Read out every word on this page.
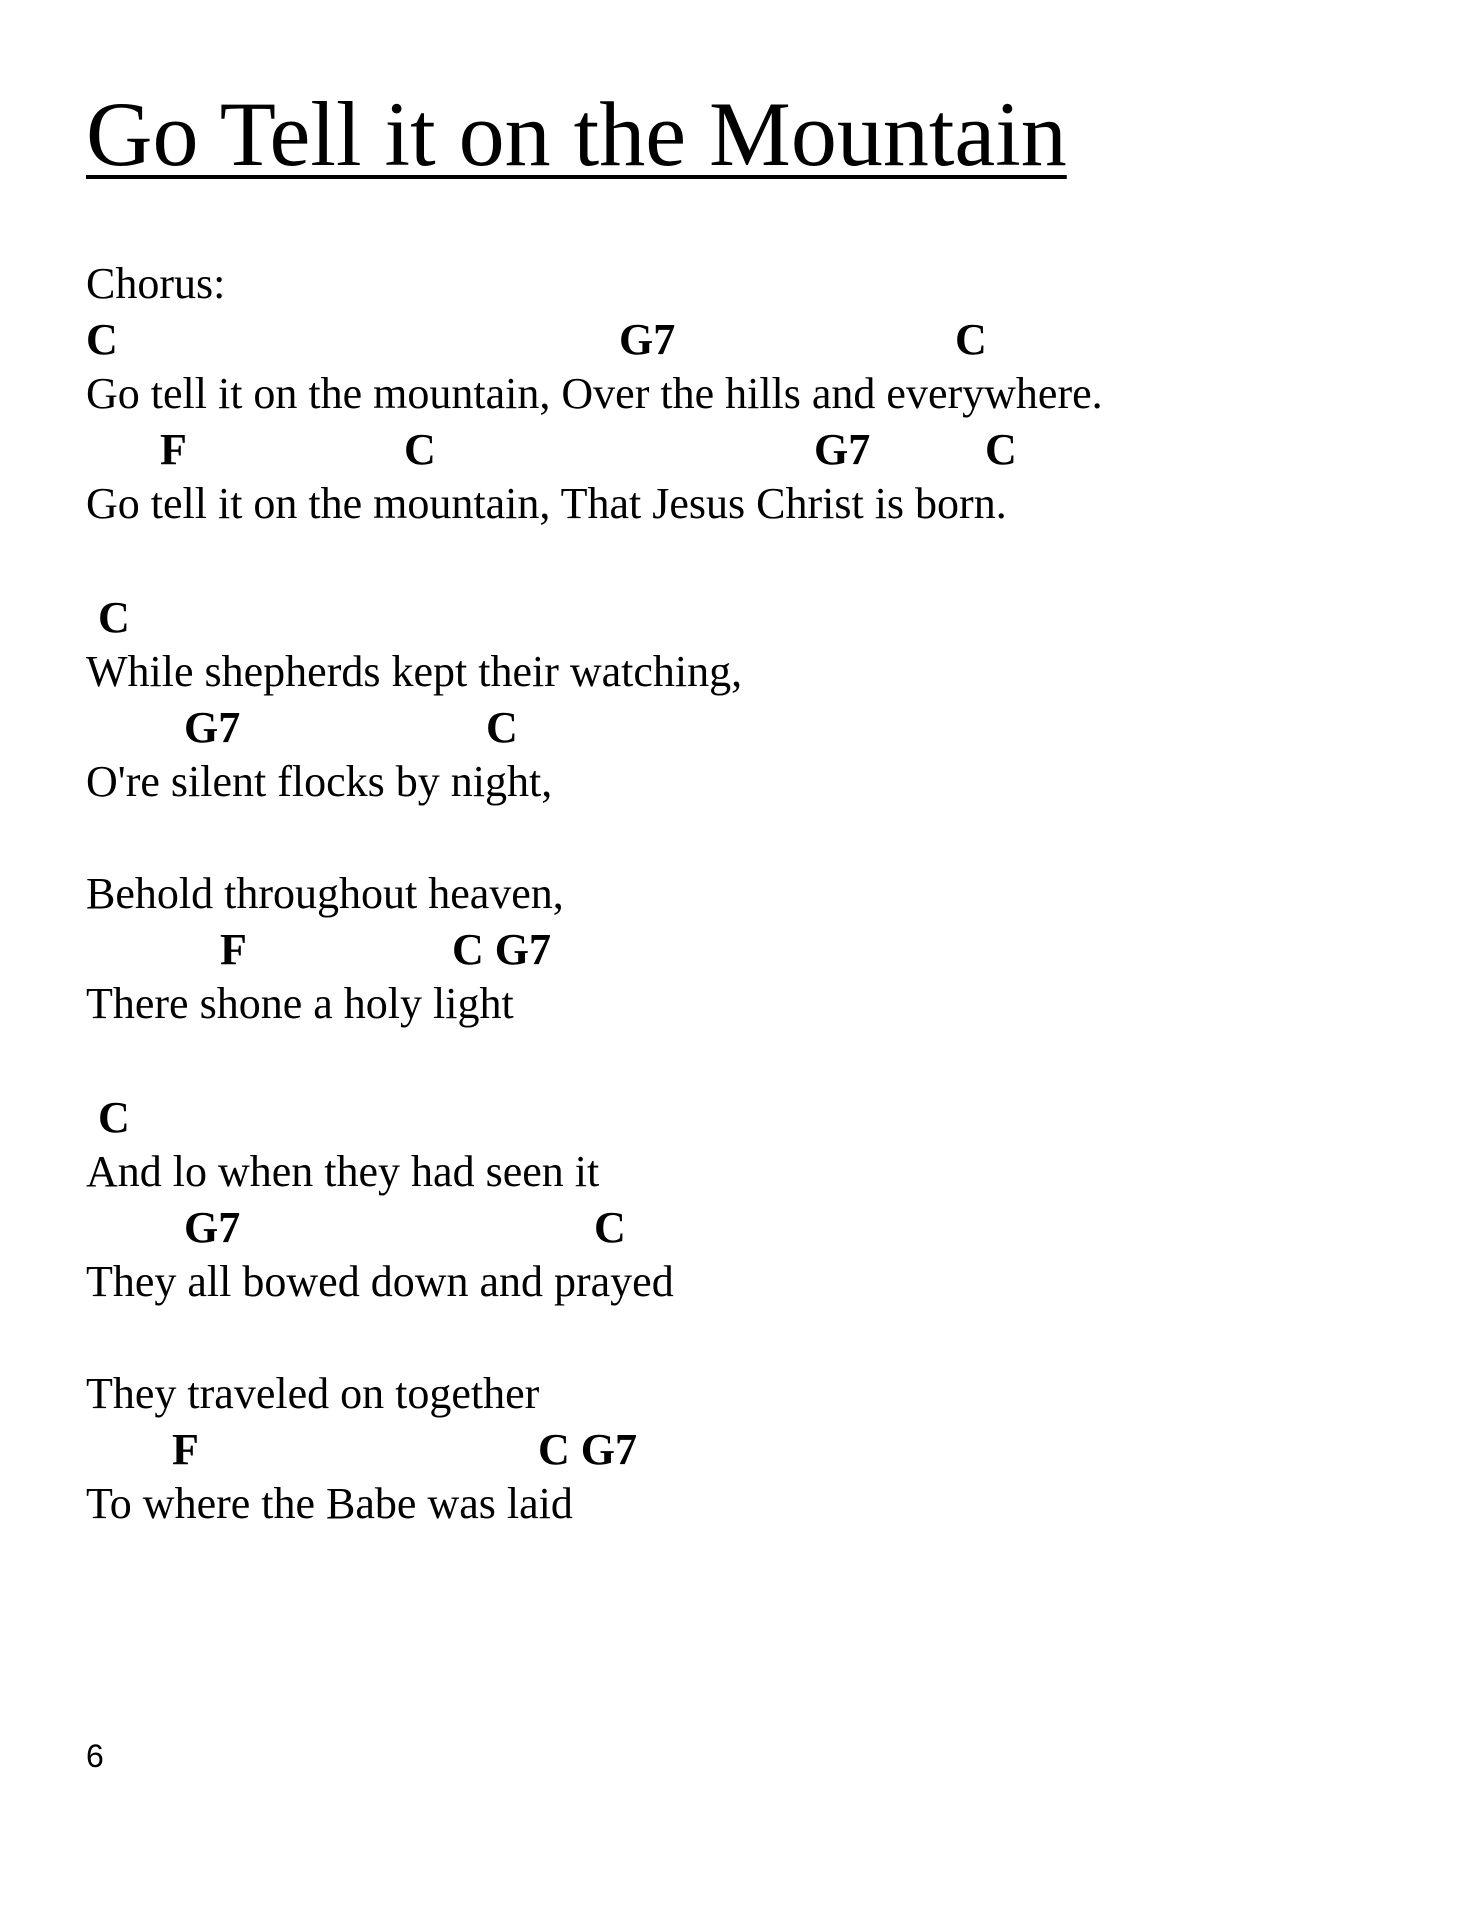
Go Tell it on the Mountain
Chorus:
C	G7	C
Go tell it on the mountain, Over the hills and everywhere.
F	C	G7	C
Go tell it on the mountain, That Jesus Christ is born.
C
While shepherds kept their watching,
G7	C
O're silent flocks by night,
Behold throughout heaven,
F	C G7
There shone a holy light
C
And lo when they had seen it
G7	C
They all bowed down and prayed
They traveled on together
F	C G7
To where the Babe was laid
6
